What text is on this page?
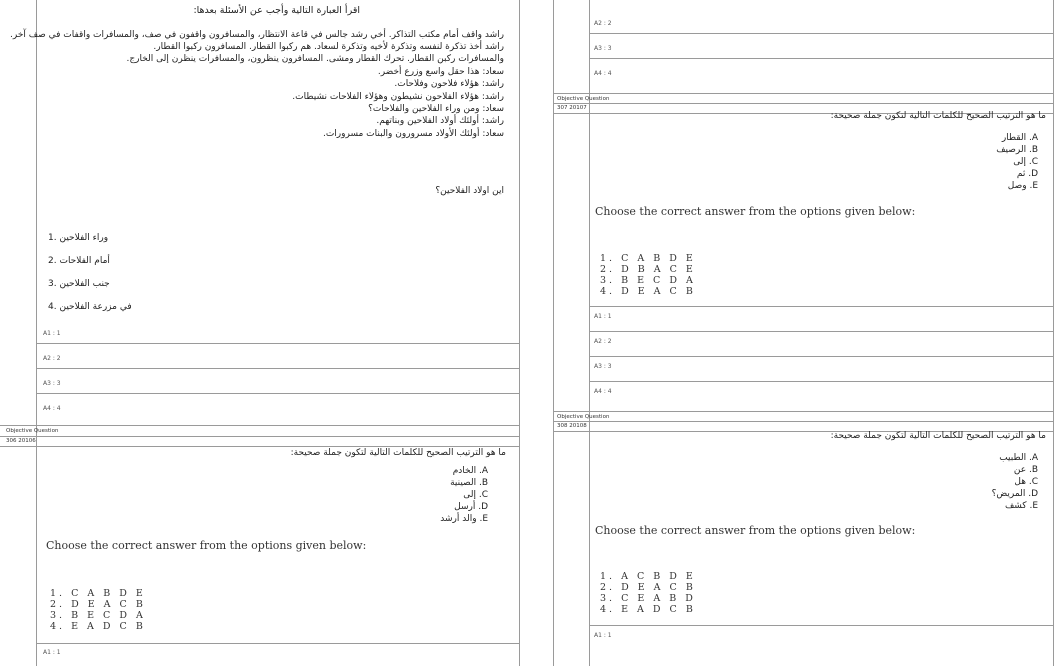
اقرأ العبارة التالية وأجب عن الأسئلة بعدها:
راشد واقف أمام مكتب التذاكر. أخي رشد جالس في قاعة الانتظار، والمسافرون واقفون في صف، والمسافرات واقفات في صف آخر.
راشد أخذ تذكرة لنفسه وتذكرة لأخيه وتذكرة لسعاد. هم ركبوا القطار. المسافرون ركبوا القطار.
والمسافرات ركبن القطار. تحرك القطار ومشى. المسافرون ينظرون، والمسافرات ينظرن إلى الخارج.
سعاد: هذا حقل واسع وزرع أخضر.
راشد: هؤلاء فلاحون وفلاحات.
راشد: هؤلاء الفلاحون نشيطون وهؤلاء الفلاحات نشيطات.
سعاد: ومن وراء الفلاحين والفلاحات؟
راشد: أولئك أولاد الفلاحين وبناتهم.
سعاد: أولئك الأولاد مسرورون والبنات مسرورات.
اين اولاد الفلاحين؟
1. وراء الفلاحين
2. أمام الفلاحات
3. جنب الفلاحين
4. في مزرعة الفلاحين
A1 : 1
A2 : 2
A3 : 3
A4 : 4
Objective Question
306 20106
ما هو الترتيب الصحيح للكلمات التالية لتكون جملة صحيحة:
A. الخادم
B. الصينية
C. إلى
D. أرسل
E. والد أرشد
Choose the correct answer from the options given below:
1. C A B D E
2. D E A C B
3. B E C D A
4. E A D C B
A1 : 1
A2 : 2
A3 : 3
A4 : 4
Objective Question
307 20107
ما هو الترتيب الصحيح للكلمات التالية لتكون جملة صحيحة:
A. القطار
B. الرصيف
C. إلى
D. ثم
E. وصل
Choose the correct answer from the options given below:
1. C A B D E
2. D B A C E
3. B E C D A
4. D E A C B
A1 : 1
A2 : 2
A3 : 3
A4 : 4
Objective Question
308 20108
ما هو الترتيب الصحيح للكلمات التالية لتكون جملة صحيحة:
A. الطبيب
B. عن
C. هل
D. المريض؟
E. كشف
Choose the correct answer from the options given below:
1. A C B D E
2. D E A C B
3. C E A B D
4. E A D C B
A1 : 1
